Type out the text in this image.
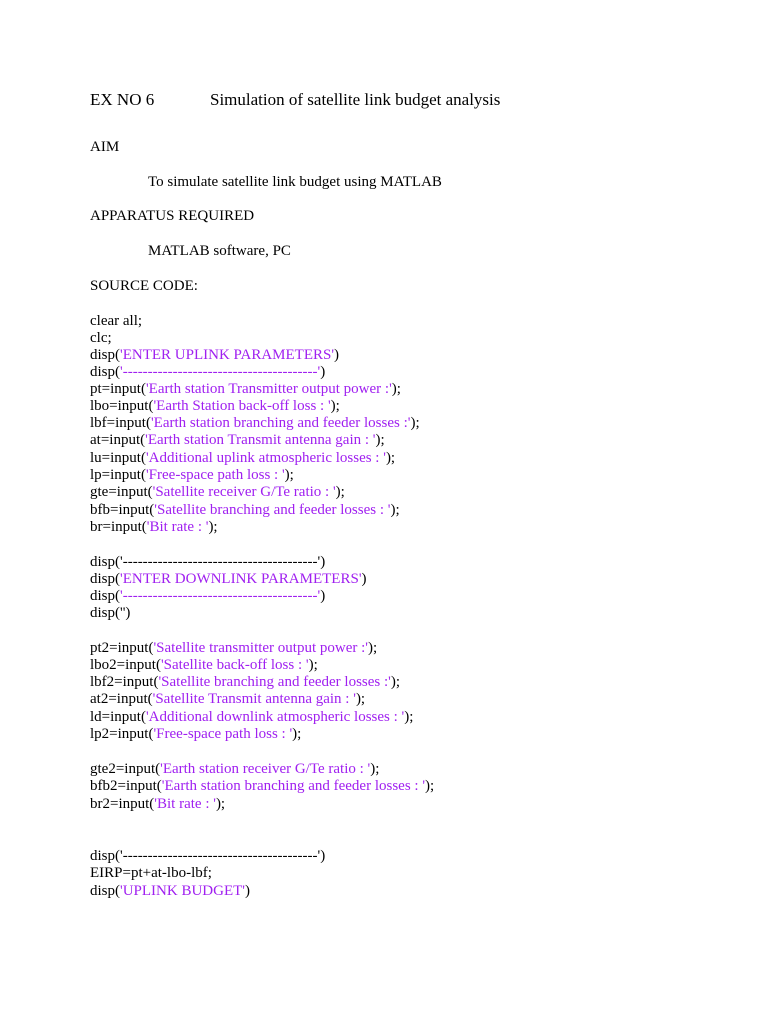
EX NO 6	Simulation of satellite link budget analysis
AIM
To simulate satellite link budget using MATLAB
APPARATUS REQUIRED
MATLAB software, PC
SOURCE CODE:
clear all;
clc;
disp('ENTER UPLINK PARAMETERS')
disp('---------------------------------------')
pt=input('Earth station Transmitter output power :');
lbo=input('Earth Station back-off loss : ');
lbf=input('Earth station branching and feeder losses :');
at=input('Earth station Transmit antenna gain : ');
lu=input('Additional uplink atmospheric losses : ');
lp=input('Free-space path loss : ');
gte=input('Satellite receiver G/Te ratio : ');
bfb=input('Satellite branching and feeder losses : ');
br=input('Bit rate : ');
disp('---------------------------------------')
disp('ENTER DOWNLINK PARAMETERS')
disp('---------------------------------------')
disp('')
pt2=input('Satellite transmitter output power :');
lbo2=input('Satellite back-off loss : ');
lbf2=input('Satellite branching and feeder losses :');
at2=input('Satellite Transmit antenna gain : ');
ld=input('Additional downlink atmospheric losses : ');
lp2=input('Free-space path loss : ');
gte2=input('Earth station receiver G/Te ratio : ');
bfb2=input('Earth station branching and feeder losses : ');
br2=input('Bit rate : ');
disp('---------------------------------------')
EIRP=pt+at-lbo-lbf;
disp('UPLINK BUDGET')
